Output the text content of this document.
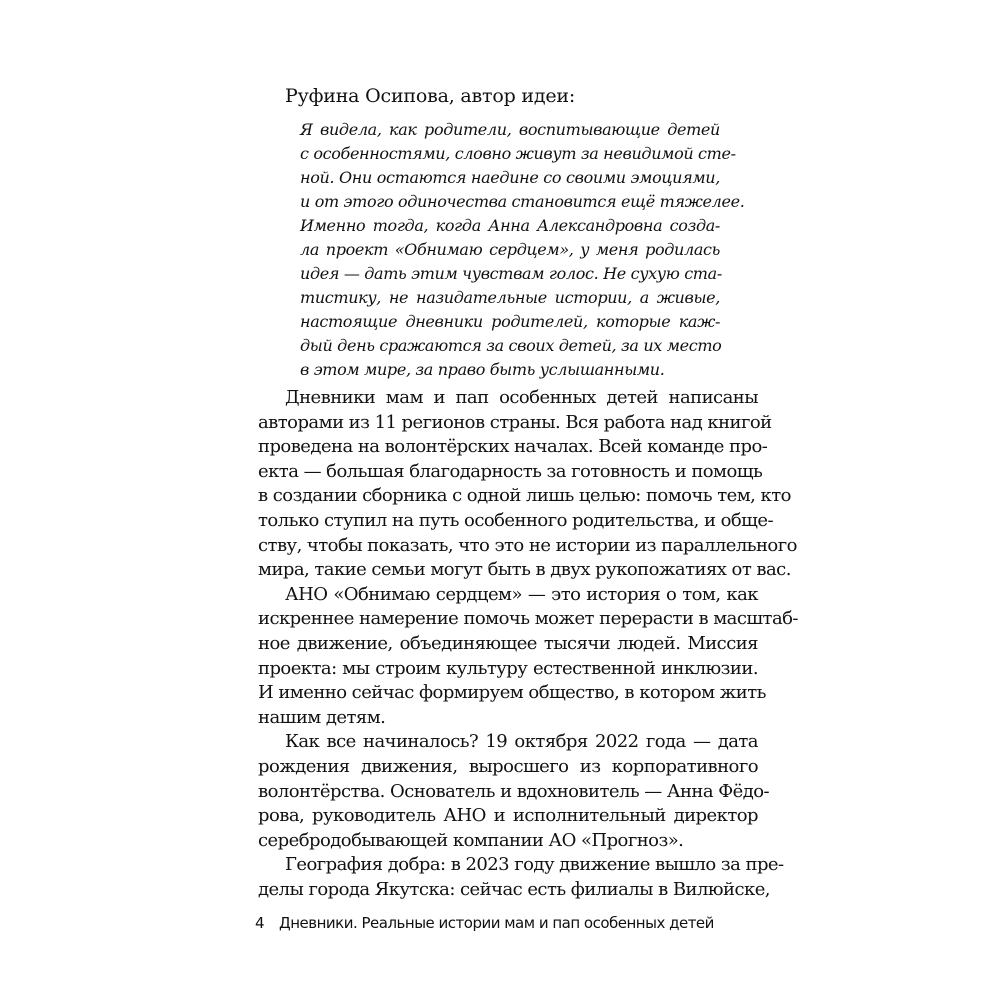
Руфина Осипова, автор идеи:
Я видела, как родители, воспитывающие детей
с особенностями, словно живут за невидимой сте-
ной. Они остаются наедине со своими эмоциями,
и от этого одиночества становится ещё тяжелее.
Именно тогда, когда Анна Александровна созда-
ла проект «Обнимаю сердцем», у меня родилась
идея — дать этим чувствам голос. Не сухую ста-
тистику, не назидательные истории, а живые,
настоящие дневники родителей, которые каж-
дый день сражаются за своих детей, за их место
в этом мире, за право быть услышанными.
Дневники мам и пап особенных детей написаны
авторами из 11 регионов страны. Вся работа над книгой
проведена на волонтёрских началах. Всей команде про-
екта — большая благодарность за готовность и помощь
в создании сборника с одной лишь целью: помочь тем, кто
только ступил на путь особенного родительства, и обще-
ству, чтобы показать, что это не истории из параллельного
мира, такие семьи могут быть в двух рукопожатиях от вас.
АНО «Обнимаю сердцем» — это история о том, как
искреннее намерение помочь может перерасти в масштаб-
ное движение, объединяющее тысячи людей. Миссия
проекта: мы строим культуру естественной инклюзии.
И именно сейчас формируем общество, в котором жить
нашим детям.
Как все начиналось? 19 октября 2022 года — дата
рождения движения, выросшего из корпоративного
волонтёрства. Основатель и вдохновитель — Анна Фёдо-
рова, руководитель АНО и исполнительный директор
серебродобывающей компании АО «Прогноз».
География добра: в 2023 году движение вышло за пре-
делы города Якутска: сейчас есть филиалы в Вилюйске,
4 Дневники. Реальные истории мам и пап особенных детей
